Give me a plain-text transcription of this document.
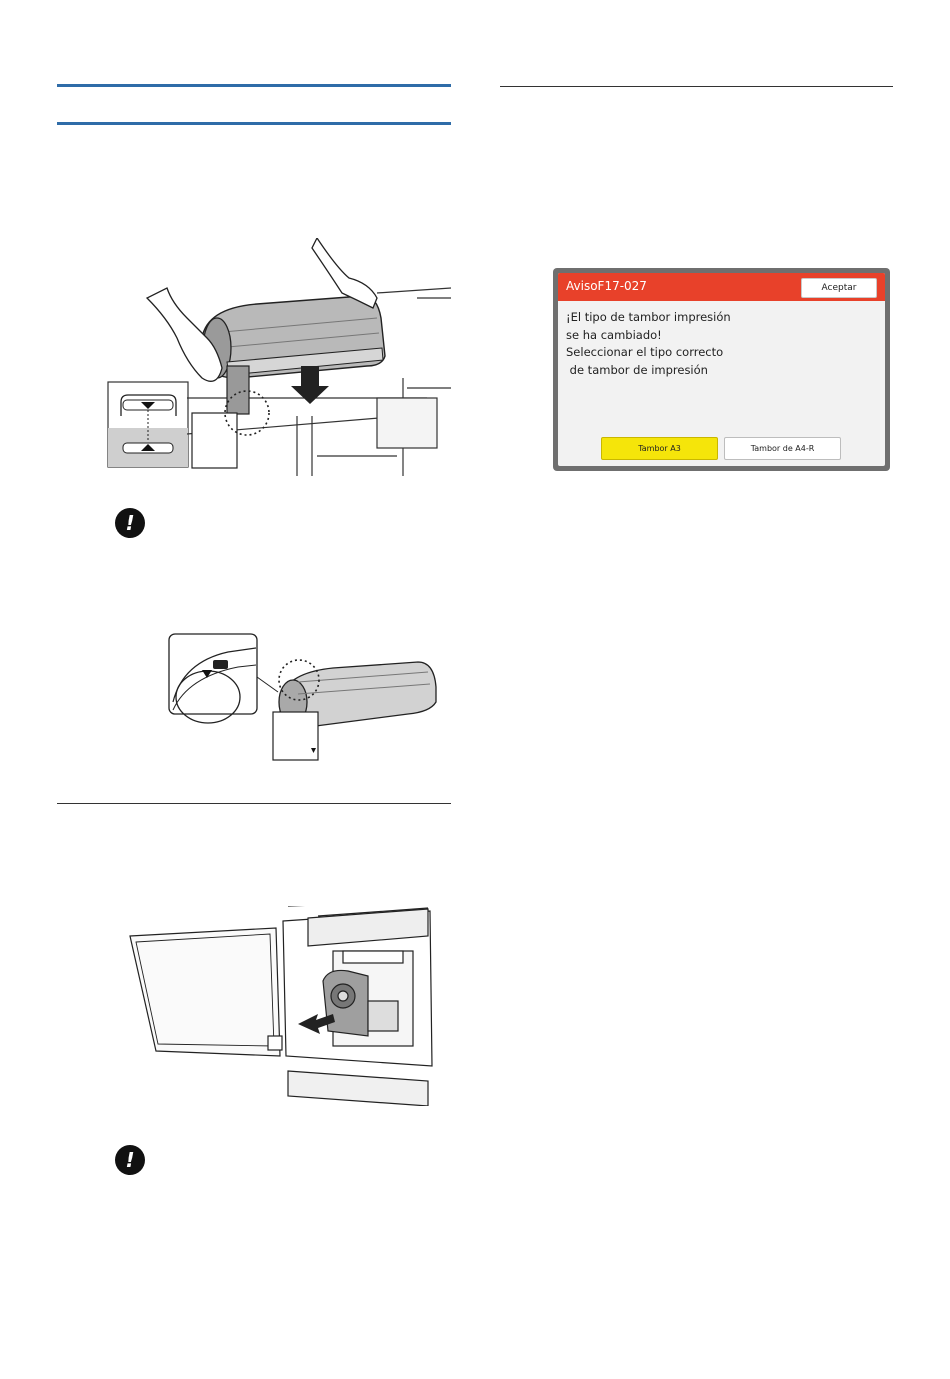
!
!
AvisoF17-027	Aceptar
¡El tipo de tambor impresión
se ha cambiado!
Seleccionar el tipo correcto
de tambor de impresión
Tambor A3	Tambor de A4-R
